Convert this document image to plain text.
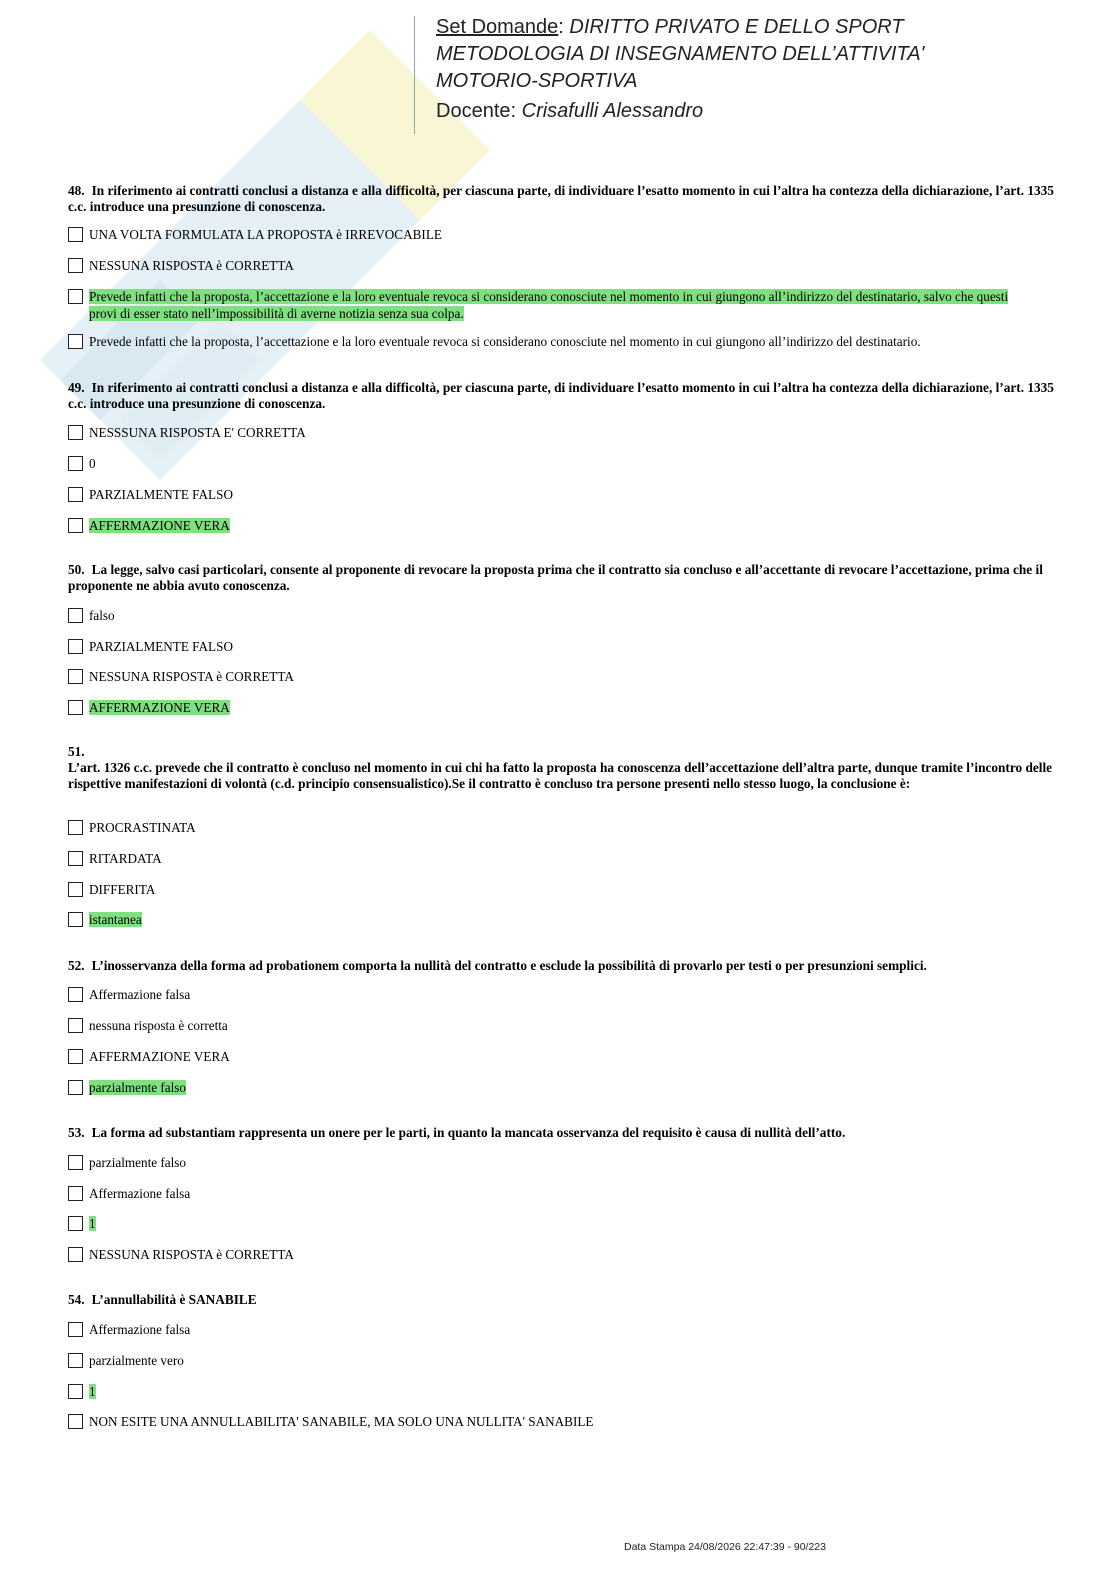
Set Domande: DIRITTO PRIVATO E DELLO SPORT
METODOLOGIA DI INSEGNAMENTO DELL’ATTIVITA'
MOTORIO-SPORTIVA
Docente: Crisafulli Alessandro
48. In riferimento ai contratti conclusi a distanza e alla difficoltà, per ciascuna parte, di individuare l’esatto momento in cui l’altra ha contezza della dichiarazione, l’art. 1335 c.c. introduce una presunzione di conoscenza.
UNA VOLTA FORMULATA LA PROPOSTA è IRREVOCABILE
NESSUNA RISPOSTA è CORRETTA
Prevede infatti che la proposta, l’accettazione e la loro eventuale revoca si considerano conosciute nel momento in cui giungono all’indirizzo del destinatario, salvo che questi provi di esser stato nell’impossibilità di averne notizia senza sua colpa.
Prevede infatti che la proposta, l’accettazione e la loro eventuale revoca si considerano conosciute nel momento in cui giungono all’indirizzo del destinatario.
49. In riferimento ai contratti conclusi a distanza e alla difficoltà, per ciascuna parte, di individuare l’esatto momento in cui l’altra ha contezza della dichiarazione, l’art. 1335 c.c. introduce una presunzione di conoscenza.
NESSSUNA RISPOSTA E' CORRETTA
0
PARZIALMENTE FALSO
AFFERMAZIONE VERA
50. La legge, salvo casi particolari, consente al proponente di revocare la proposta prima che il contratto sia concluso e all’accettante di revocare l’accettazione, prima che il proponente ne abbia avuto conoscenza.
falso
PARZIALMENTE FALSO
NESSUNA RISPOSTA è CORRETTA
AFFERMAZIONE VERA
51.
L’art. 1326 c.c. prevede che il contratto è concluso nel momento in cui chi ha fatto la proposta ha conoscenza dell’accettazione dell’altra parte, dunque tramite l’incontro delle rispettive manifestazioni di volontà (c.d. principio consensualistico).Se il contratto è concluso tra persone presenti nello stesso luogo, la conclusione è:
PROCRASTINATA
RITARDATA
DIFFERITA
istantanea
52. L’inosservanza della forma ad probationem comporta la nullità del contratto e esclude la possibilità di provarlo per testi o per presunzioni semplici.
Affermazione falsa
nessuna risposta è corretta
AFFERMAZIONE VERA
parzialmente falso
53. La forma ad substantiam rappresenta un onere per le parti, in quanto la mancata osservanza del requisito è causa di nullità dell’atto.
parzialmente falso
Affermazione falsa
1
NESSUNA RISPOSTA è CORRETTA
54. L’annullabilità è SANABILE
Affermazione falsa
parzialmente vero
1
NON ESITE UNA ANNULLABILITA' SANABILE, MA SOLO UNA NULLITA' SANABILE
Data Stampa 24/08/2026 22:47:39 - 90/223
